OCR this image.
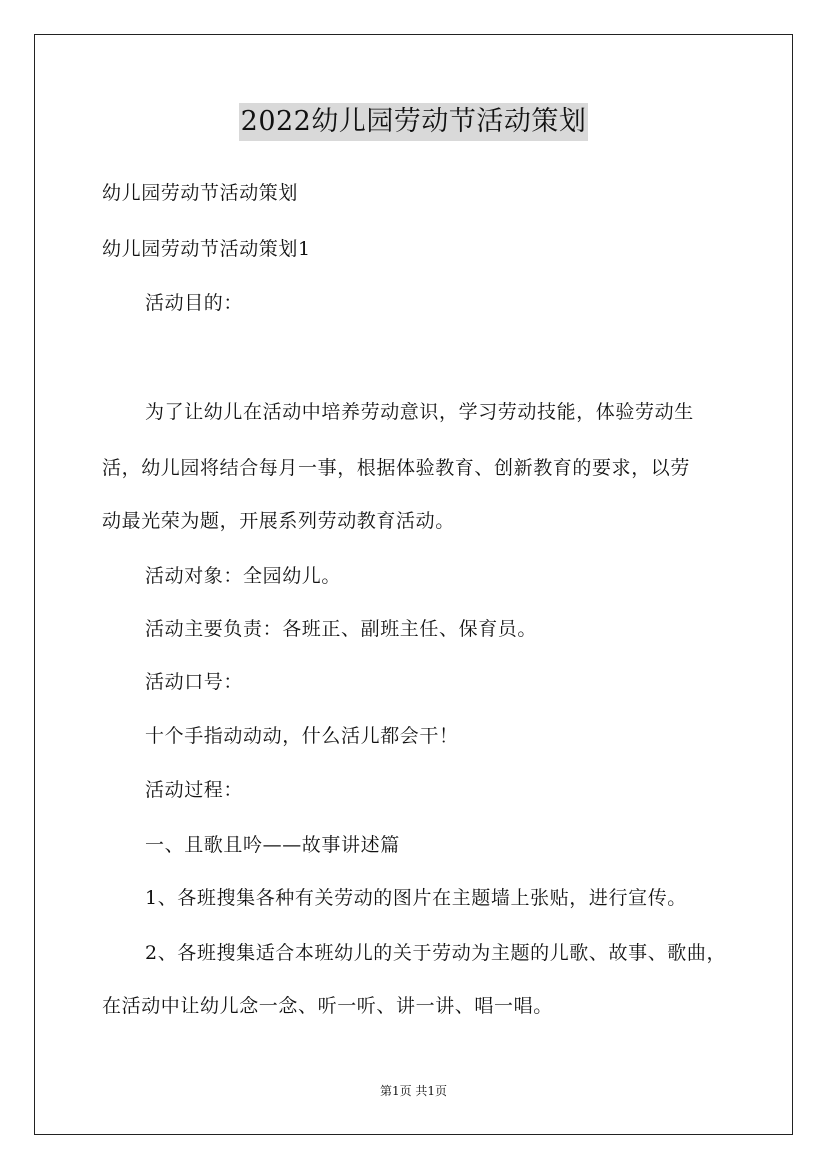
2022幼儿园劳动节活动策划
幼儿园劳动节活动策划
幼儿园劳动节活动策划1
活动目的：
为了让幼儿在活动中培养劳动意识，学习劳动技能，体验劳动生
活，幼儿园将结合每月一事，根据体验教育、创新教育的要求，以劳
动最光荣为题，开展系列劳动教育活动。
活动对象：全园幼儿。
活动主要负责：各班正、副班主任、保育员。
活动口号：
十个手指动动动，什么活儿都会干！
活动过程：
一、且歌且吟——故事讲述篇
1、各班搜集各种有关劳动的图片在主题墙上张贴，进行宣传。
2、各班搜集适合本班幼儿的关于劳动为主题的儿歌、故事、歌曲，
在活动中让幼儿念一念、听一听、讲一讲、唱一唱。
第1页 共1页
